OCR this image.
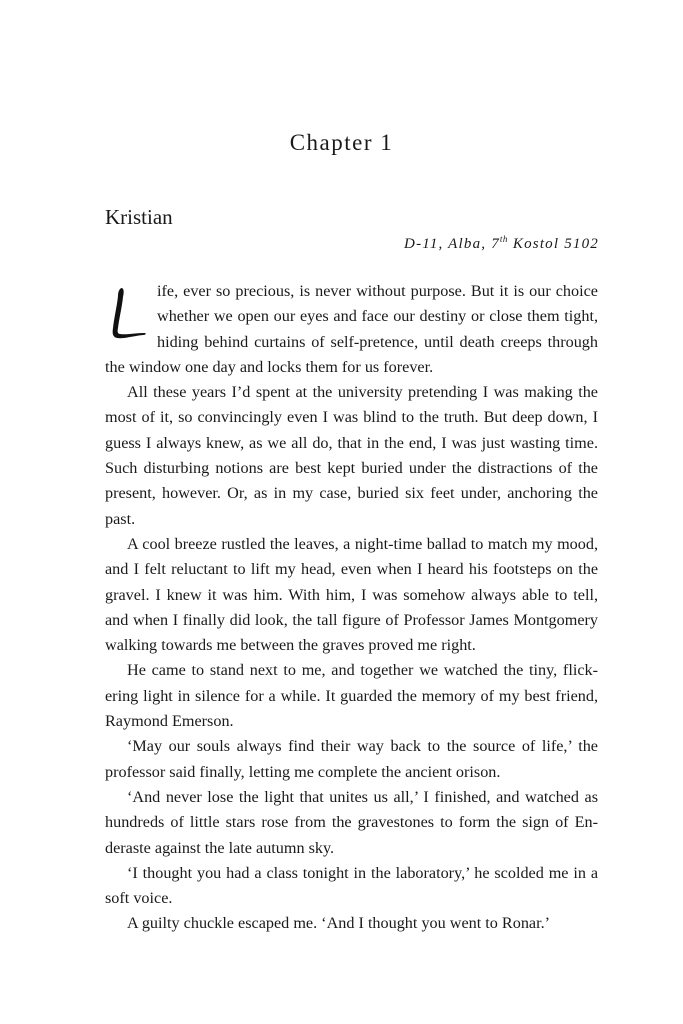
Chapter 1
Kristian
D-11, Alba, 7th Kostol 5102

ife, ever so precious, is never without purpose. But it is our choice whether we open our eyes and face our destiny or close them tight, hiding behind curtains of self-pretence, until death creeps through the window one day and locks them for us forever.

All these years I’d spent at the university pretending I was making the most of it, so convincingly even I was blind to the truth. But deep down, I guess I always knew, as we all do, that in the end, I was just wasting time. Such disturbing notions are best kept buried under the distractions of the present, however. Or, as in my case, buried six feet under, anchoring the past.

A cool breeze rustled the leaves, a night-time ballad to match my mood, and I felt reluctant to lift my head, even when I heard his footsteps on the gravel. I knew it was him. With him, I was somehow always able to tell, and when I finally did look, the tall figure of Professor James Montgomery walking towards me between the graves proved me right.

He came to stand next to me, and together we watched the tiny, flickering light in silence for a while. It guarded the memory of my best friend, Raymond Emerson.

‘May our souls always find their way back to the source of life,’ the professor said finally, letting me complete the ancient orison.

‘And never lose the light that unites us all,’ I finished, and watched as hundreds of little stars rose from the gravestones to form the sign of Enderaste against the late autumn sky.

‘I thought you had a class tonight in the laboratory,’ he scolded me in a soft voice.

A guilty chuckle escaped me. ‘And I thought you went to Ronar.’
